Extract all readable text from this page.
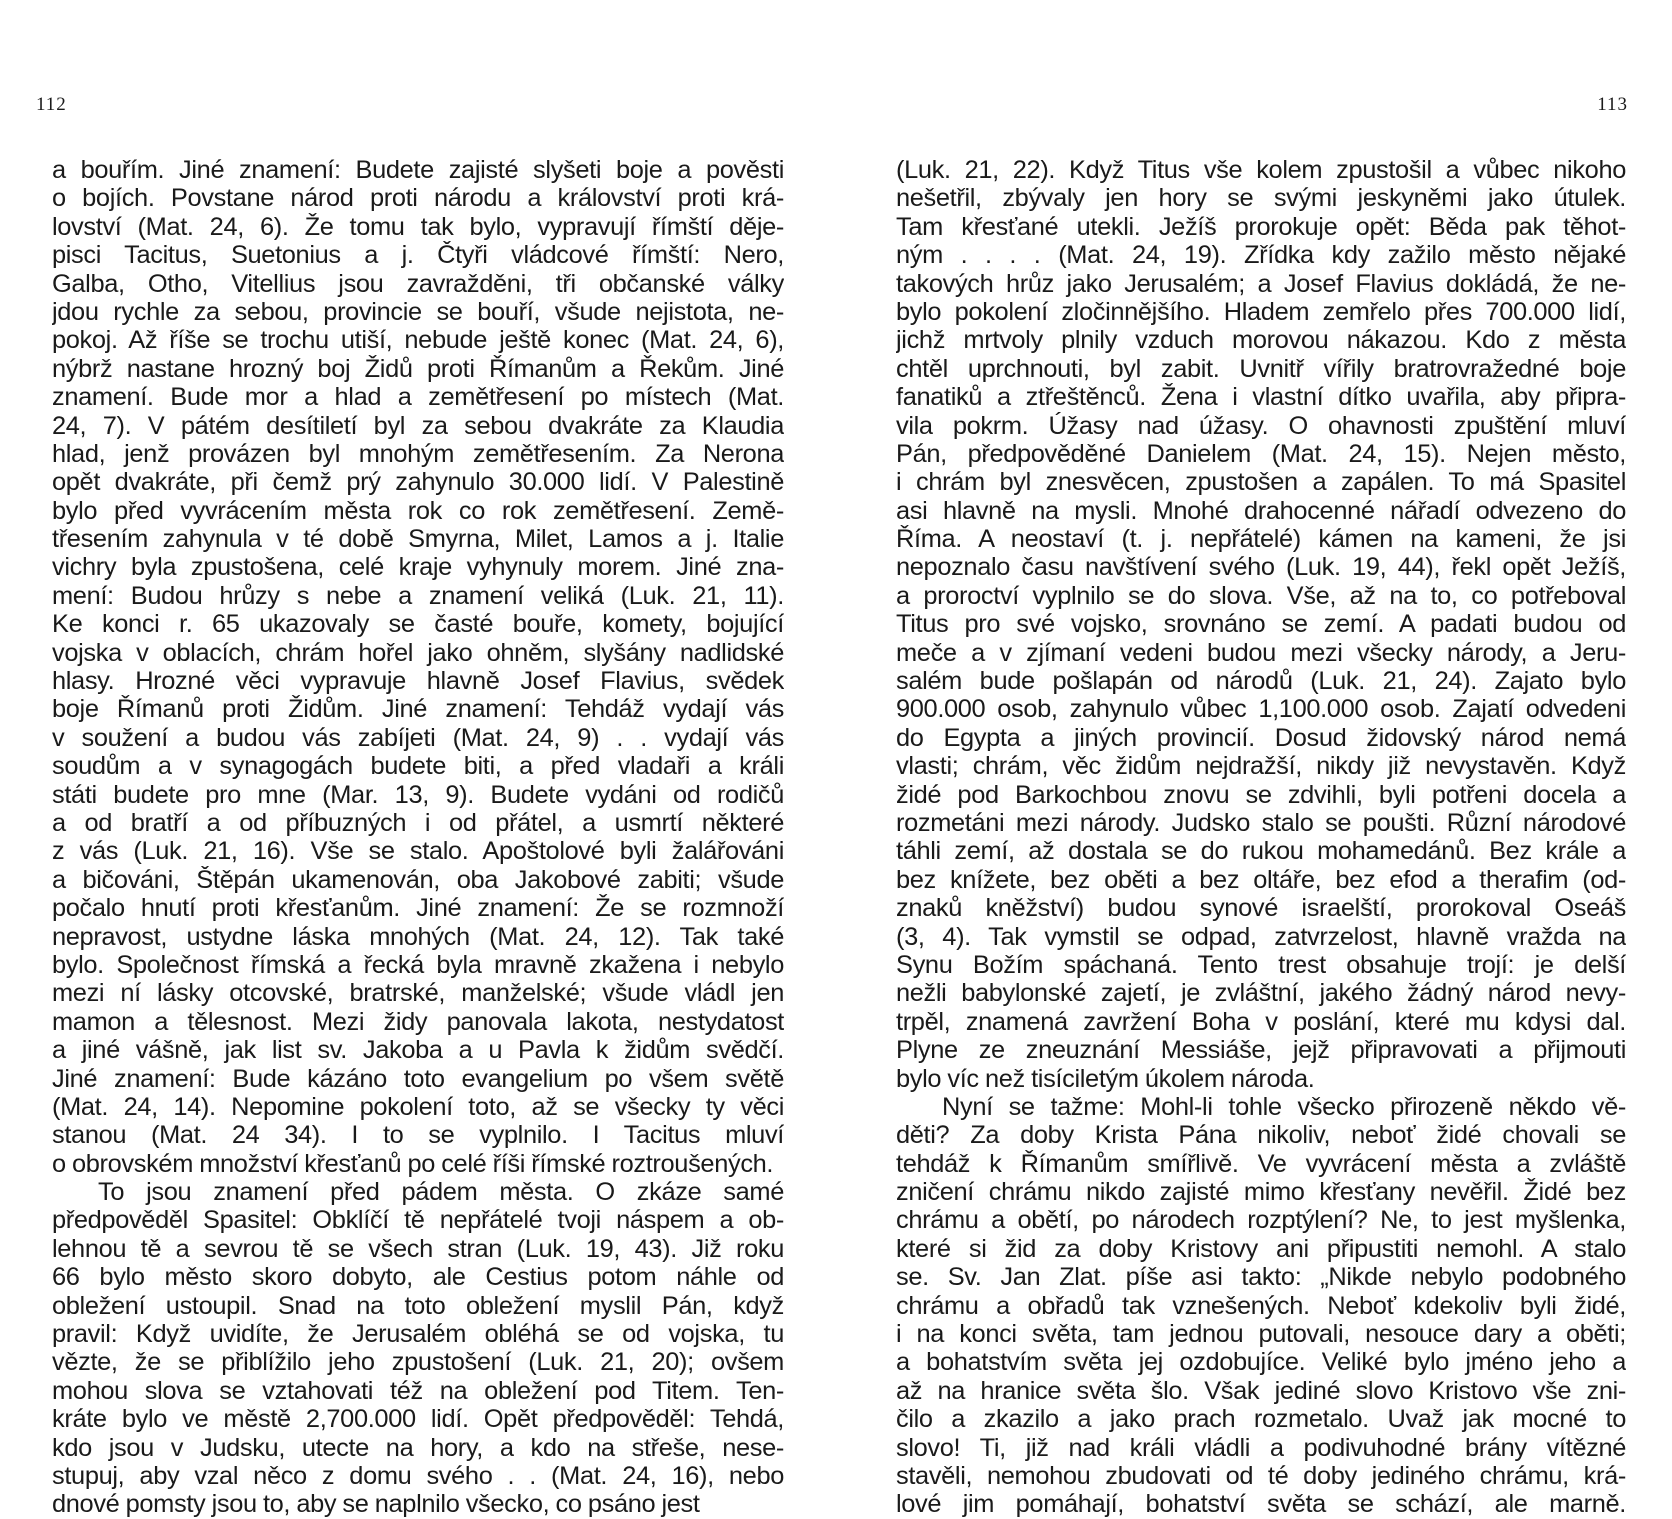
112
a bouřím. Jiné znamení: Budete zajisté slyšeti boje a pověsti
o bojích. Povstane národ proti národu a království proti krá-
lovství (Mat. 24, 6). Že tomu tak bylo, vypravují římští děje-
pisci Tacitus, Suetonius a j. Čtyři vládcové římští: Nero,
Galba, Otho, Vitellius jsou zavražděni, tři občanské války
jdou rychle za sebou, provincie se bouří, všude nejistota, ne-
pokoj. Až říše se trochu utiší, nebude ještě konec (Mat. 24, 6),
nýbrž nastane hrozný boj Židů proti Římanům a Řekům. Jiné
znamení. Bude mor a hlad a zemětřesení po místech (Mat.
24, 7). V pátém desítiletí byl za sebou dvakráte za Klaudia
hlad, jenž provázen byl mnohým zemětřesením. Za Nerona
opět dvakráte, při čemž prý zahynulo 30.000 lidí. V Palestině
bylo před vyvrácením města rok co rok zemětřesení. Země-
třesením zahynula v té době Smyrna, Milet, Lamos a j. Italie
vichry byla zpustošena, celé kraje vyhynuly morem. Jiné zna-
mení: Budou hrůzy s nebe a znamení veliká (Luk. 21, 11).
Ke konci r. 65 ukazovaly se časté bouře, komety, bojující
vojska v oblacích, chrám hořel jako ohněm, slyšány nadlidské
hlasy. Hrozné věci vypravuje hlavně Josef Flavius, svědek
boje Římanů proti Židům. Jiné znamení: Tehdáž vydají vás
v soužení a budou vás zabíjeti (Mat. 24, 9) . . vydají vás
soudům a v synagogách budete biti, a před vladaři a králi
státi budete pro mne (Mar. 13, 9). Budete vydáni od rodičů
a od bratří a od příbuzných i od přátel, a usmrtí některé
z vás (Luk. 21, 16). Vše se stalo. Apoštolové byli žalářováni
a bičováni, Štěpán ukamenován, oba Jakobové zabiti; všude
počalo hnutí proti křesťanům. Jiné znamení: Že se rozmnoží
nepravost, ustydne láska mnohých (Mat. 24, 12). Tak také
bylo. Společnost římská a řecká byla mravně zkažena i nebylo
mezi ní lásky otcovské, bratrské, manželské; všude vládl jen
mamon a tělesnost. Mezi židy panovala lakota, nestydatost
a jiné vášně, jak list sv. Jakoba a u Pavla k židům svědčí.
Jiné znamení: Bude kázáno toto evangelium po všem světě
(Mat. 24, 14). Nepomine pokolení toto, až se všecky ty věci
stanou (Mat. 24 34). I to se vyplnilo. I Tacitus mluví
o obrovském množství křesťanů po celé říši římské roztroušených.
To jsou znamení před pádem města. O zkáze samé
předpověděl Spasitel: Obklíčí tě nepřátelé tvoji náspem a ob-
lehnou tě a sevrou tě se všech stran (Luk. 19, 43). Již roku
66 bylo město skoro dobyto, ale Cestius potom náhle od
obležení ustoupil. Snad na toto obležení myslil Pán, když
pravil: Když uvidíte, že Jerusalém obléhá se od vojska, tu
vězte, že se přiblížilo jeho zpustošení (Luk. 21, 20); ovšem
mohou slova se vztahovati též na obležení pod Titem. Ten-
kráte bylo ve městě 2,700.000 lidí. Opět předpověděl: Tehdá,
kdo jsou v Judsku, utecte na hory, a kdo na střeše, nese-
stupuj, aby vzal něco z domu svého . . (Mat. 24, 16), nebo
dnové pomsty jsou to, aby se naplnilo všecko, co psáno jest
113
(Luk. 21, 22). Když Titus vše kolem zpustošil a vůbec nikoho
nešetřil, zbývaly jen hory se svými jeskyněmi jako útulek.
Tam křesťané utekli. Ježíš prorokuje opět: Běda pak těhot-
ným . . . . (Mat. 24, 19). Zřídka kdy zažilo město nějaké
takových hrůz jako Jerusalém; a Josef Flavius dokládá, že ne-
bylo pokolení zločinnějšího. Hladem zemřelo přes 700.000 lidí,
jichž mrtvoly plnily vzduch morovou nákazou. Kdo z města
chtěl uprchnouti, byl zabit. Uvnitř vířily bratrovražedné boje
fanatiků a ztřeštěnců. Žena i vlastní dítko uvařila, aby připra-
vila pokrm. Úžasy nad úžasy. O ohavnosti zpuštění mluví
Pán, předpověděné Danielem (Mat. 24, 15). Nejen město,
i chrám byl znesvěcen, zpustošen a zapálen. To má Spasitel
asi hlavně na mysli. Mnohé drahocenné nářadí odvezeno do
Říma. A neostaví (t. j. nepřátelé) kámen na kameni, že jsi
nepoznalo času navštívení svého (Luk. 19, 44), řekl opět Ježíš,
a proroctví vyplnilo se do slova. Vše, až na to, co potřeboval
Titus pro své vojsko, srovnáno se zemí. A padati budou od
meče a v zjímaní vedeni budou mezi všecky národy, a Jeru-
salém bude pošlapán od národů (Luk. 21, 24). Zajato bylo
900.000 osob, zahynulo vůbec 1,100.000 osob. Zajatí odvedeni
do Egypta a jiných provincií. Dosud židovský národ nemá
vlasti; chrám, věc židům nejdražší, nikdy již nevystavěn. Když
židé pod Barkochbou znovu se zdvihli, byli potřeni docela a
rozmetáni mezi národy. Judsko stalo se poušti. Různí národové
táhli zemí, až dostala se do rukou mohamedánů. Bez krále a
bez knížete, bez oběti a bez oltáře, bez efod a therafim (od-
znaků kněžství) budou synové israelští, prorokoval Oseáš
(3, 4). Tak vymstil se odpad, zatvrzelost, hlavně vražda na
Synu Božím spáchaná. Tento trest obsahuje trojí: je delší
nežli babylonské zajetí, je zvláštní, jakého žádný národ nevy-
trpěl, znamená zavržení Boha v poslání, které mu kdysi dal.
Plyne ze zneuznání Messiáše, jejž připravovati a přijmouti
bylo víc než tisíciletým úkolem národa.
Nyní se tažme: Mohl-li tohle všecko přirozeně někdo vě-
děti? Za doby Krista Pána nikoliv, neboť židé chovali se
tehdáž k Římanům smířlivě. Ve vyvrácení města a zvláště
zničení chrámu nikdo zajisté mimo křesťany nevěřil. Židé bez
chrámu a obětí, po národech rozptýlení? Ne, to jest myšlenka,
které si žid za doby Kristovy ani připustiti nemohl. A stalo
se. Sv. Jan Zlat. píše asi takto: „Nikde nebylo podobného
chrámu a obřadů tak vznešených. Neboť kdekoliv byli židé,
i na konci světa, tam jednou putovali, nesouce dary a oběti;
a bohatstvím světa jej ozdobujíce. Veliké bylo jméno jeho a
až na hranice světa šlo. Však jediné slovo Kristovo vše zni-
čilo a zkazilo a jako prach rozmetalo. Uvaž jak mocné to
slovo! Ti, již nad králi vládli a podivuhodné brány vítězné
stavěli, nemohou zbudovati od té doby jediného chrámu, krá-
lové jim pomáhají, bohatství světa se schází, ale marně.
